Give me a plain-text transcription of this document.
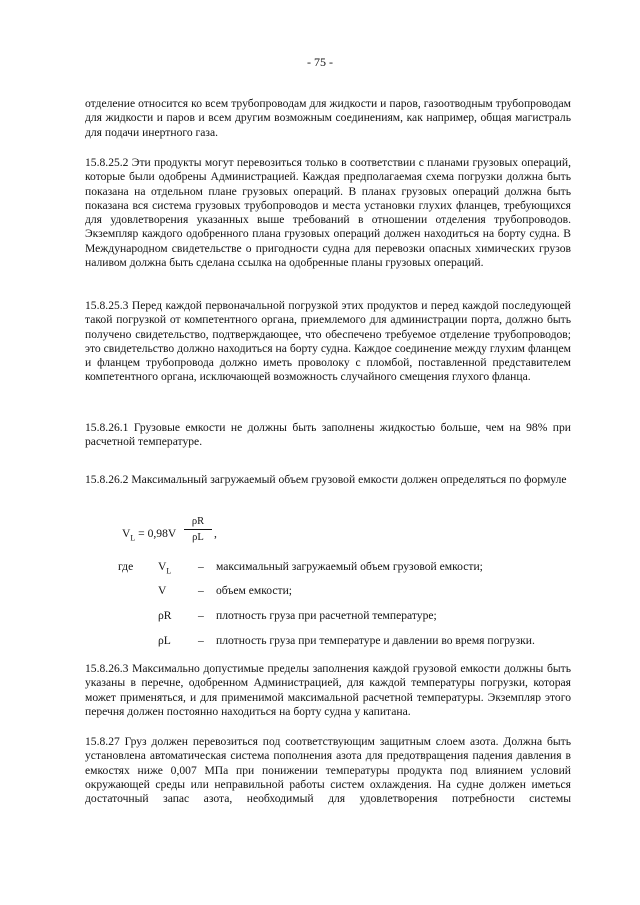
- 75 -

отделение относится ко всем трубопроводам для жидкости и паров, газоотводным трубопроводам для жидкости и паров и всем другим возможным соединениям, как например, общая магистраль для подачи инертного газа.

15.8.25.2 Эти продукты могут перевозиться только в соответствии с планами грузовых операций, которые были одобрены Администрацией. Каждая предполагаемая схема погрузки должна быть показана на отдельном плане грузовых операций. В планах грузовых операций должна быть показана вся система грузовых трубопроводов и места установки глухих фланцев, требующихся для удовлетворения указанных выше требований в отношении отделения трубопроводов. Экземпляр каждого одобренного плана грузовых операций должен находиться на борту судна. В Международном свидетельстве о пригодности судна для перевозки опасных химических грузов наливом должна быть сделана ссылка на одобренные планы грузовых операций.

15.8.25.3 Перед каждой первоначальной погрузкой этих продуктов и перед каждой последующей такой погрузкой от компетентного органа, приемлемого для администрации порта, должно быть получено свидетельство, подтверждающее, что обеспечено требуемое отделение трубопроводов; это свидетельство должно находиться на борту судна. Каждое соединение между глухим фланцем и фланцем трубопровода должно иметь проволоку с пломбой, поставленной представителем компетентного органа, исключающей возможность случайного смещения глухого фланца.

15.8.26.1 Грузовые емкости не должны быть заполнены жидкостью больше, чем на 98% при расчетной температуре.

15.8.26.2 Максимальный загружаемый объем грузовой емкости должен определяться по формуле

$V_L = 0,98V$
ρR
ρL ,
где	$V_L$	–	максимальный загружаемый объем грузовой емкости;
V	–	объем емкости;
ρR	–	плотность груза при расчетной температуре;
ρL	–	плотность груза при температуре и давлении во время погрузки.

15.8.26.3 Максимально допустимые пределы заполнения каждой грузовой емкости должны быть указаны в перечне, одобренном Администрацией, для каждой температуры погрузки, которая может применяться, и для применимой максимальной расчетной температуры. Экземпляр этого перечня должен постоянно находиться на борту судна у капитана.

15.8.27 Груз должен перевозиться под соответствующим защитным слоем азота. Должна быть установлена автоматическая система пополнения азота для предотвращения падения давления в емкостях ниже 0,007 МПа при понижении температуры продукта под влиянием условий окружающей среды или неправильной работы систем охлаждения. На судне должен иметься достаточный запас азота, необходимый для удовлетворения потребности системы
